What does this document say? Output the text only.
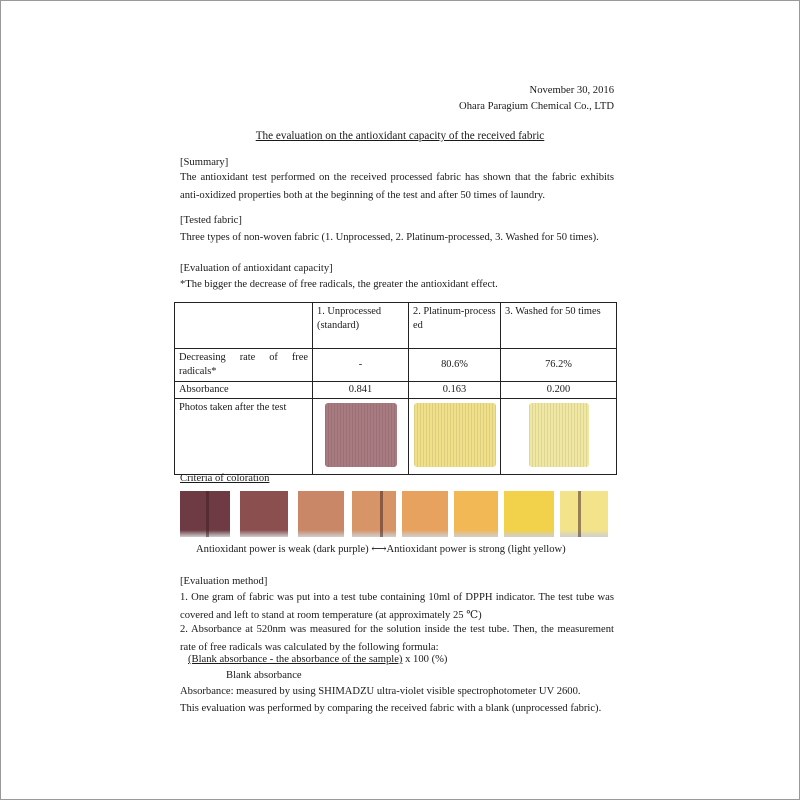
November 30, 2016
Ohara Paragium Chemical Co., LTD
The evaluation on the antioxidant capacity of the received fabric
[Summary]
The antioxidant test performed on the received processed fabric has shown that the fabric exhibits anti-oxidized properties both at the beginning of the test and after 50 times of laundry.
[Tested fabric]
Three types of non-woven fabric (1. Unprocessed, 2. Platinum-processed, 3. Washed for 50 times).
[Evaluation of antioxidant capacity]
*The bigger the decrease of free radicals, the greater the antioxidant effect.
	1. Unprocessed (standard)	2. Platinum-processed	3. Washed for 50 times
Decreasing rate of free radicals*	-	80.6%	76.2%
Absorbance	0.841	0.163	0.200
Photos taken after the test	

Criteria of coloration
Antioxidant power is weak (dark purple) ⟷Antioxidant power is strong (light yellow)
[Evaluation method]
1. One gram of fabric was put into a test tube containing 10ml of DPPH indicator. The test tube was covered and left to stand at room temperature (at approximately 25 ℃)
2. Absorbance at 520nm was measured for the solution inside the test tube. Then, the measurement rate of free radicals was calculated by the following formula:
(Blank absorbance - the absorbance of the sample) x 100 (%)
Blank absorbance
Absorbance: measured by using SHIMADZU ultra-violet visible spectrophotometer UV 2600.
This evaluation was performed by comparing the received fabric with a blank (unprocessed fabric).
